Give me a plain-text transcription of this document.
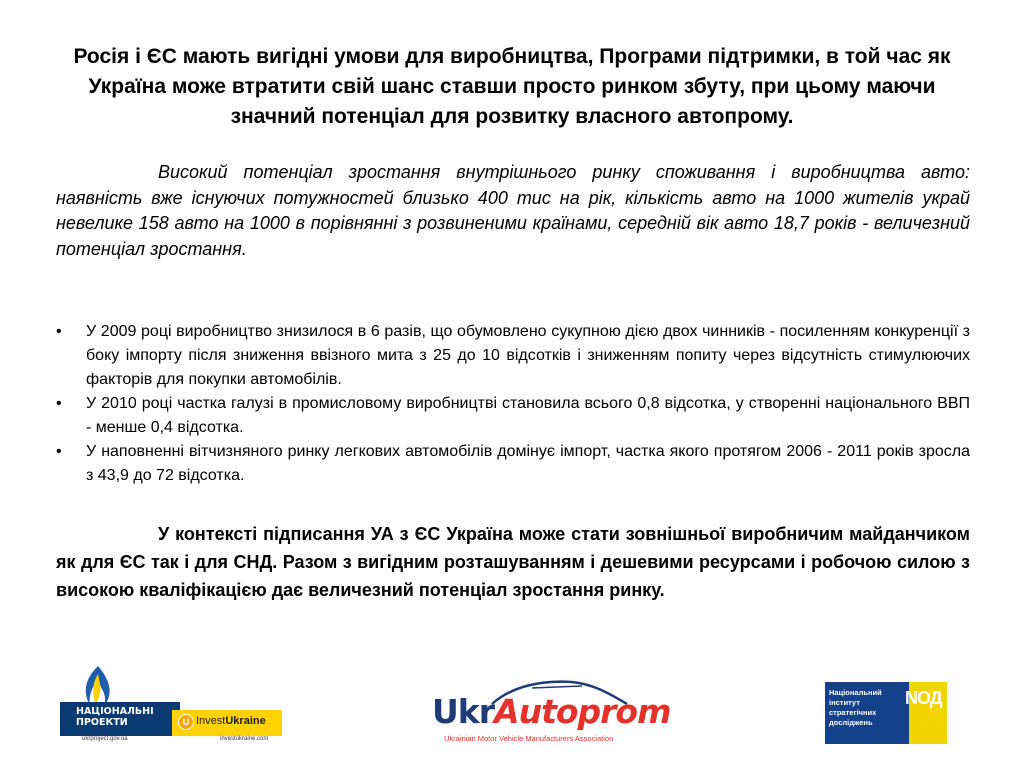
Росія і ЄС мають вигідні умови для виробництва, Програми підтримки, в той час як Україна може втратити свій шанс ставши просто ринком збуту, при цьому маючи значний потенціал для розвитку власного автопрому.
Високий потенціал зростання внутрішнього ринку споживання і виробництва авто: наявність вже існуючих потужностей близько 400 тис на рік, кількість авто на 1000 жителів украй невелике 158 авто на 1000 в порівнянні з розвиненими країнами, середній вік авто 18,7 років - величезний потенціал зростання.
• У 2009 році виробництво знизилося в 6 разів, що обумовлено сукупною дією двох чинників - посиленням конкуренції з боку імпорту після зниження ввізного мита з 25 до 10 відсотків і зниженням попиту через відсутність стимулюючих факторів для покупки автомобілів.
• У 2010 році частка галузі в промисловому виробництві становила всього 0,8 відсотка, у створенні національного ВВП - менше 0,4 відсотка.
• У наповненні вітчизняного ринку легкових автомобілів домінує імпорт, частка якого протягом 2006 - 2011 років зросла з 43,9 до 72 відсотка.
У контексті підписання УА з ЄС Україна може стати зовнішньої виробничим майданчиком як для ЄС так і для СНД. Разом з вигідним розташуванням і дешевими ресурсами і робочою силою з високою кваліфікацією дає величезний потенціал зростання ринку.
НАЦІОНАЛЬНІ ПРОЕКТИ
ukrproject.gov.ua
U InvestUkraine
investukraine.com
UkrAutoprom
Ukrainian Motor Vehicle Manufacturers Association
Національний інститут стратегічних досліджень
NОД
